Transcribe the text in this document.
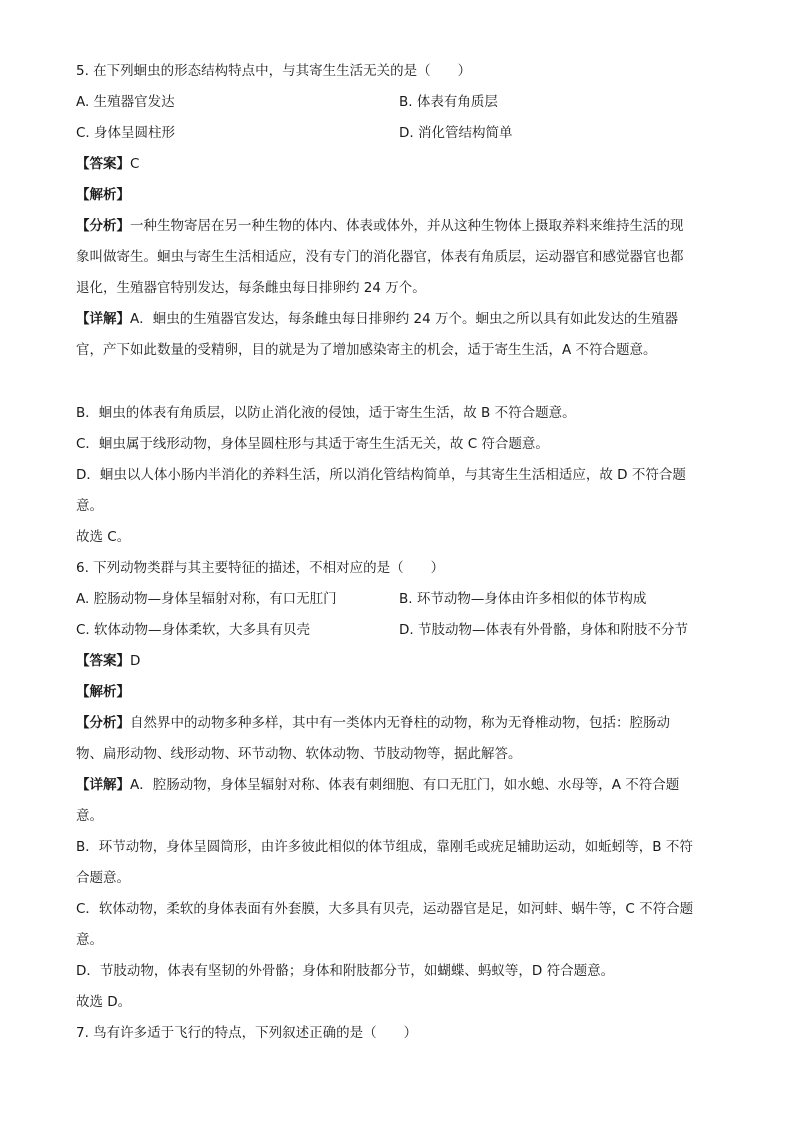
5. 在下列蛔虫的形态结构特点中，与其寄生生活无关的是（　　）
A. 生殖器官发达	B. 体表有角质层
C. 身体呈圆柱形	D. 消化管结构简单
【答案】C
【解析】
【分析】一种生物寄居在另一种生物的体内、体表或体外，并从这种生物体上摄取养料来维持生活的现
象叫做寄生。蛔虫与寄生生活相适应，没有专门的消化器官，体表有角质层，运动器官和感觉器官也都
退化，生殖器官特别发达，每条雌虫每日排卵约 24 万个。
【详解】A．蛔虫的生殖器官发达，每条雌虫每日排卵约 24 万个。蛔虫之所以具有如此发达的生殖器
官，产下如此数量的受精卵，目的就是为了增加感染寄主的机会，适于寄生生活，A 不符合题意。
B．蛔虫的体表有角质层，以防止消化液的侵蚀，适于寄生生活，故 B 不符合题意。
C．蛔虫属于线形动物，身体呈圆柱形与其适于寄生生活无关，故 C 符合题意。
D．蛔虫以人体小肠内半消化的养料生活，所以消化管结构简单，与其寄生生活相适应，故 D 不符合题
意。
故选 C。
6. 下列动物类群与其主要特征的描述，不相对应的是（　　）
A. 腔肠动物—身体呈辐射对称，有口无肛门	B. 环节动物—身体由许多相似的体节构成
C. 软体动物—身体柔软，大多具有贝壳	D. 节肢动物—体表有外骨骼，身体和附肢不分节
【答案】D
【解析】
【分析】自然界中的动物多种多样，其中有一类体内无脊柱的动物，称为无脊椎动物，包括：腔肠动
物、扁形动物、线形动物、环节动物、软体动物、节肢动物等，据此解答。
【详解】A．腔肠动物，身体呈辐射对称、体表有刺细胞、有口无肛门，如水螅、水母等，A 不符合题
意。
B．环节动物，身体呈圆筒形，由许多彼此相似的体节组成，靠刚毛或疣足辅助运动，如蚯蚓等，B 不符
合题意。
C．软体动物，柔软的身体表面有外套膜，大多具有贝壳，运动器官是足，如河蚌、蜗牛等，C 不符合题
意。
D．节肢动物，体表有坚韧的外骨骼；身体和附肢都分节，如蝴蝶、蚂蚁等，D 符合题意。
故选 D。
7. 鸟有许多适于飞行的特点，下列叙述正确的是（　　）
